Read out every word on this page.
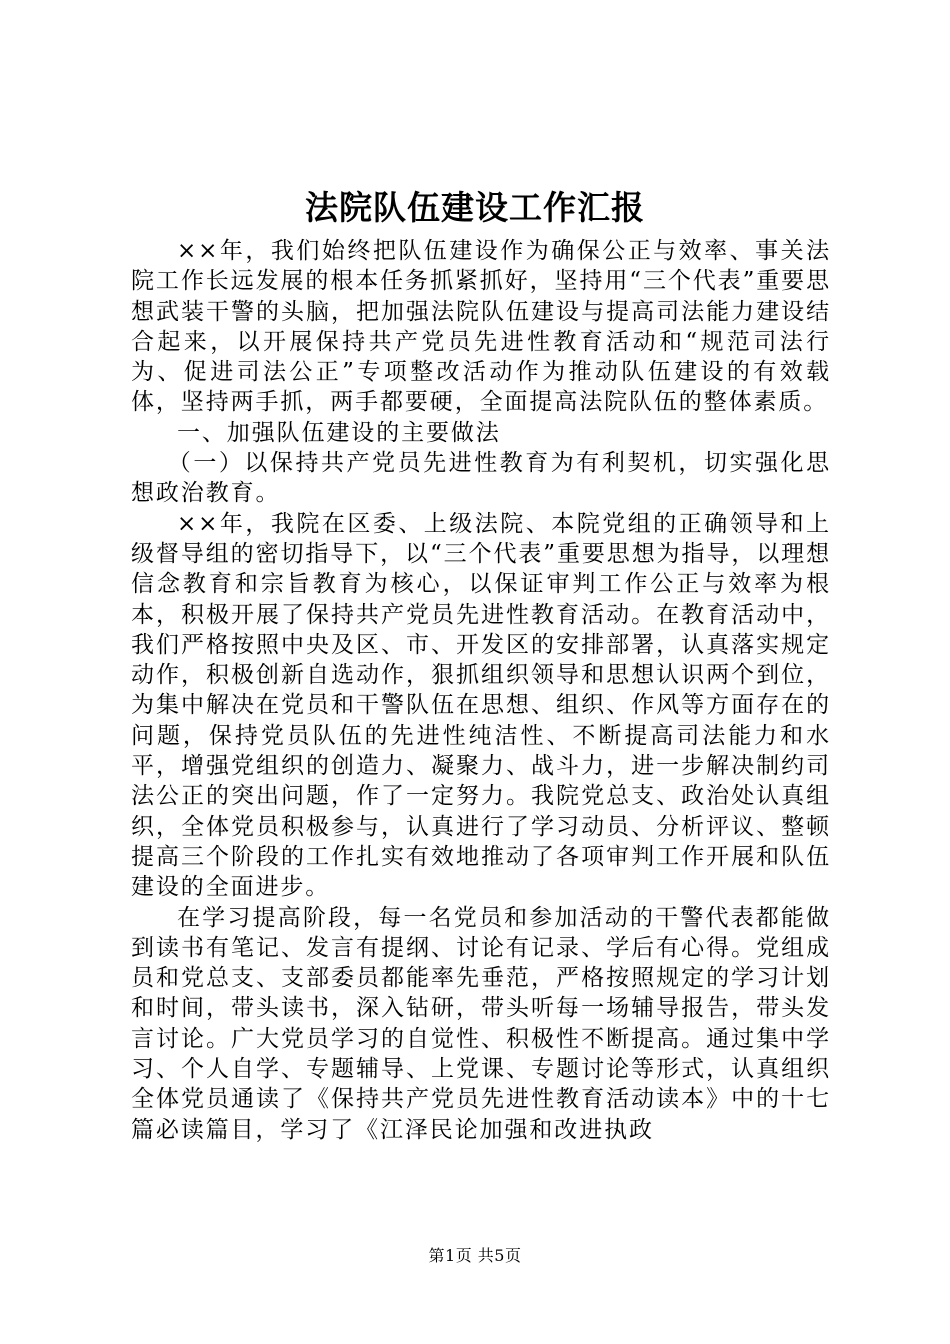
法院队伍建设工作汇报

××年，我们始终把队伍建设作为确保公正与效率、事关法院工作长远发展的根本任务抓紧抓好，坚持用“三个代表”重要思想武装干警的头脑，把加强法院队伍建设与提高司法能力建设结合起来，以开展保持共产党员先进性教育活动和“规范司法行为、促进司法公正”专项整改活动作为推动队伍建设的有效载体，坚持两手抓，两手都要硬，全面提高法院队伍的整体素质。

一、加强队伍建设的主要做法

（一）以保持共产党员先进性教育为有利契机，切实强化思想政治教育。

××年，我院在区委、上级法院、本院党组的正确领导和上级督导组的密切指导下，以“三个代表”重要思想为指导，以理想信念教育和宗旨教育为核心，以保证审判工作公正与效率为根本，积极开展了保持共产党员先进性教育活动。在教育活动中，我们严格按照中央及区、市、开发区的安排部署，认真落实规定动作，积极创新自选动作，狠抓组织领导和思想认识两个到位，为集中解决在党员和干警队伍在思想、组织、作风等方面存在的问题，保持党员队伍的先进性纯洁性、不断提高司法能力和水平，增强党组织的创造力、凝聚力、战斗力，进一步解决制约司法公正的突出问题，作了一定努力。我院党总支、政治处认真组织，全体党员积极参与，认真进行了学习动员、分析评议、整顿提高三个阶段的工作扎实有效地推动了各项审判工作开展和队伍建设的全面进步。

在学习提高阶段，每一名党员和参加活动的干警代表都能做到读书有笔记、发言有提纲、讨论有记录、学后有心得。党组成员和党总支、支部委员都能率先垂范，严格按照规定的学习计划和时间，带头读书，深入钻研，带头听每一场辅导报告，带头发言讨论。广大党员学习的自觉性、积极性不断提高。通过集中学习、个人自学、专题辅导、上党课、专题讨论等形式，认真组织全体党员通读了《保持共产党员先进性教育活动读本》中的十七篇必读篇目，学习了《江泽民论加强和改进执政

第1页 共5页
